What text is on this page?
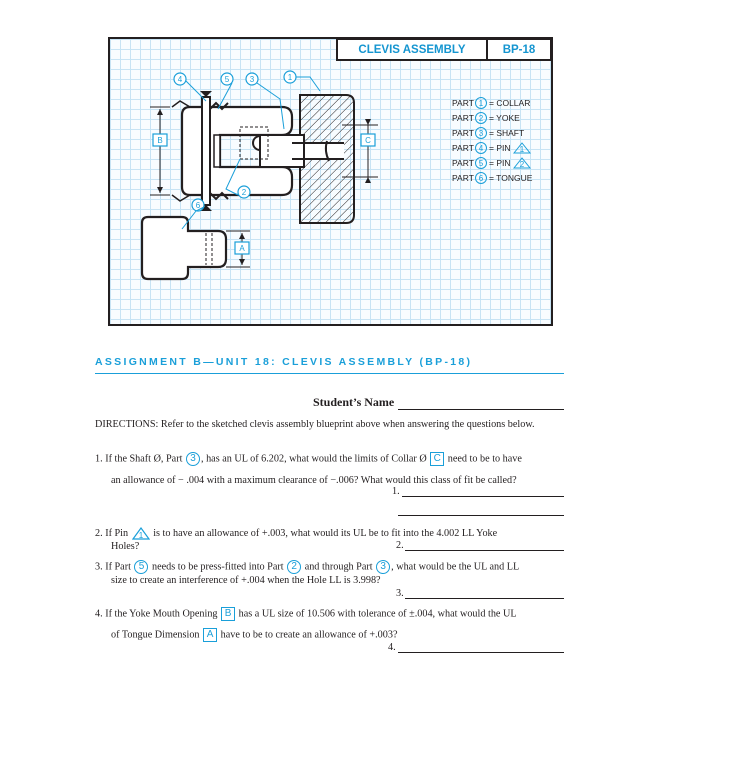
B	C
A
4	5	3	1
2
6
PART 1 = COLLAR
PART 2 = YOKE
PART 3 = SHAFT
PART 4 = PIN 1
PART 5 = PIN 2
PART 6 = TONGUE
CLEVIS ASSEMBLY	BP-18
ASSIGNMENT B—UNIT 18: CLEVIS ASSEMBLY (BP-18)
Student’s Name
DIRECTIONS: Refer to the sketched clevis assembly blueprint above when answering the questions below.
1. If the Shaft Ø, Part 3 , has an UL of 6.202, what would the limits of Collar Ø C need to be to have
an allowance of − .004 with a maximum clearance of −.006? What would this class of fit be called?
1.
2. If Pin 1 is to have an allowance of +.003, what would its UL be to fit into the 4.002 LL Yoke
Holes?	2.
3. If Part 5 needs to be press-fitted into Part 2 and through Part 3 , what would be the UL and LL
size to create an interference of +.004 when the Hole LL is 3.998?
3.
4. If the Yoke Mouth Opening B has a UL size of 10.506 with tolerance of ±.004, what would the UL
of Tongue Dimension A have to be to create an allowance of +.003?
4.
